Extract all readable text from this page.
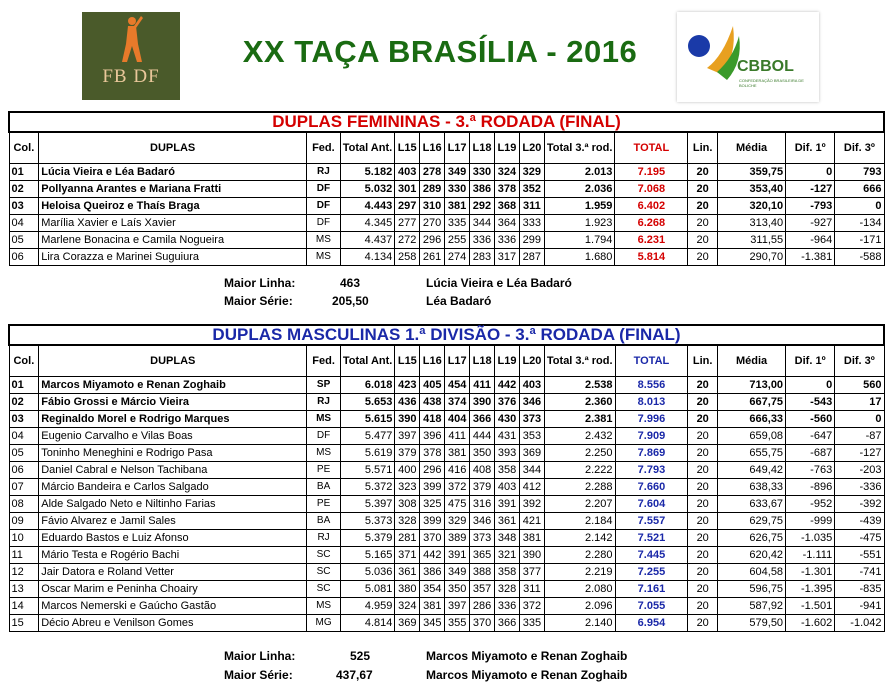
FB DF
XX TAÇA BRASÍLIA - 2016	CBBOL
CONFEDERAÇÃO BRASILEIRA DE BOLICHE
DUPLAS FEMININAS - 3.ª RODADA (FINAL)															
Col.	DUPLAS	Fed.	Total Ant.	L15	L16	L17	L18	L19	L20	Total 3.ª rod.	TOTAL	Lin.	Média	Dif. 1º	Dif. 3º
01	Lúcia Vieira e Léa Badaró	RJ	5.182	403	278	349	330	324	329	2.013	7.195	20	359,75	0	793
02	Pollyanna Arantes e Mariana Fratti	DF	5.032	301	289	330	386	378	352	2.036	7.068	20	353,40	-127	666
03	Heloisa Queiroz e Thaís Braga	DF	4.443	297	310	381	292	368	311	1.959	6.402	20	320,10	-793	0
04	Marília Xavier e Laís Xavier	DF	4.345	277	270	335	344	364	333	1.923	6.268	20	313,40	-927	-134
05	Marlene Bonacina e Camila Nogueira	MS	4.437	272	296	255	336	336	299	1.794	6.231	20	311,55	-964	-171
06	Lira Corazza e Marinei Suguiura	MS	4.134	258	261	274	283	317	287	1.680	5.814	20	290,70	-1.381	-588
Maior Linha:	463	Lúcia Vieira e Léa Badaró
Maior Série:	205,50	Léa Badaró
DUPLAS MASCULINAS 1.ª DIVISÃO - 3.ª RODADA (FINAL)															
Col.	DUPLAS	Fed.	Total Ant.	L15	L16	L17	L18	L19	L20	Total 3.ª rod.	TOTAL	Lin.	Média	Dif. 1º	Dif. 3º
01	Marcos Miyamoto e Renan Zoghaib	SP	6.018	423	405	454	411	442	403	2.538	8.556	20	713,00	0	560
02	Fábio Grossi e Márcio Vieira	RJ	5.653	436	438	374	390	376	346	2.360	8.013	20	667,75	-543	17
03	Reginaldo Morel e Rodrigo Marques	MS	5.615	390	418	404	366	430	373	2.381	7.996	20	666,33	-560	0
04	Eugenio Carvalho e Vilas Boas	DF	5.477	397	396	411	444	431	353	2.432	7.909	20	659,08	-647	-87
05	Toninho Meneghini e Rodrigo Pasa	MS	5.619	379	378	381	350	393	369	2.250	7.869	20	655,75	-687	-127
06	Daniel Cabral e Nelson Tachibana	PE	5.571	400	296	416	408	358	344	2.222	7.793	20	649,42	-763	-203
07	Márcio Bandeira e Carlos Salgado	BA	5.372	323	399	372	379	403	412	2.288	7.660	20	638,33	-896	-336
08	Alde Salgado Neto e Niltinho Farias	PE	5.397	308	325	475	316	391	392	2.207	7.604	20	633,67	-952	-392
09	Fávio Alvarez e Jamil Sales	BA	5.373	328	399	329	346	361	421	2.184	7.557	20	629,75	-999	-439
10	Eduardo Bastos e Luiz Afonso	RJ	5.379	281	370	389	373	348	381	2.142	7.521	20	626,75	-1.035	-475
11	Mário Testa e Rogério Bachi	SC	5.165	371	442	391	365	321	390	2.280	7.445	20	620,42	-1.111	-551
12	Jair Datora e Roland Vetter	SC	5.036	361	386	349	388	358	377	2.219	7.255	20	604,58	-1.301	-741
13	Oscar Marim e Peninha Choairy	SC	5.081	380	354	350	357	328	311	2.080	7.161	20	596,75	-1.395	-835
14	Marcos Nemerski e Gaúcho Gastão	MS	4.959	324	381	397	286	336	372	2.096	7.055	20	587,92	-1.501	-941
15	Décio Abreu e Venilson Gomes	MG	4.814	369	345	355	370	366	335	2.140	6.954	20	579,50	-1.602	-1.042
Maior Linha:	525	Marcos Miyamoto e Renan Zoghaib
Maior Série:	437,67	Marcos Miyamoto e Renan Zoghaib
